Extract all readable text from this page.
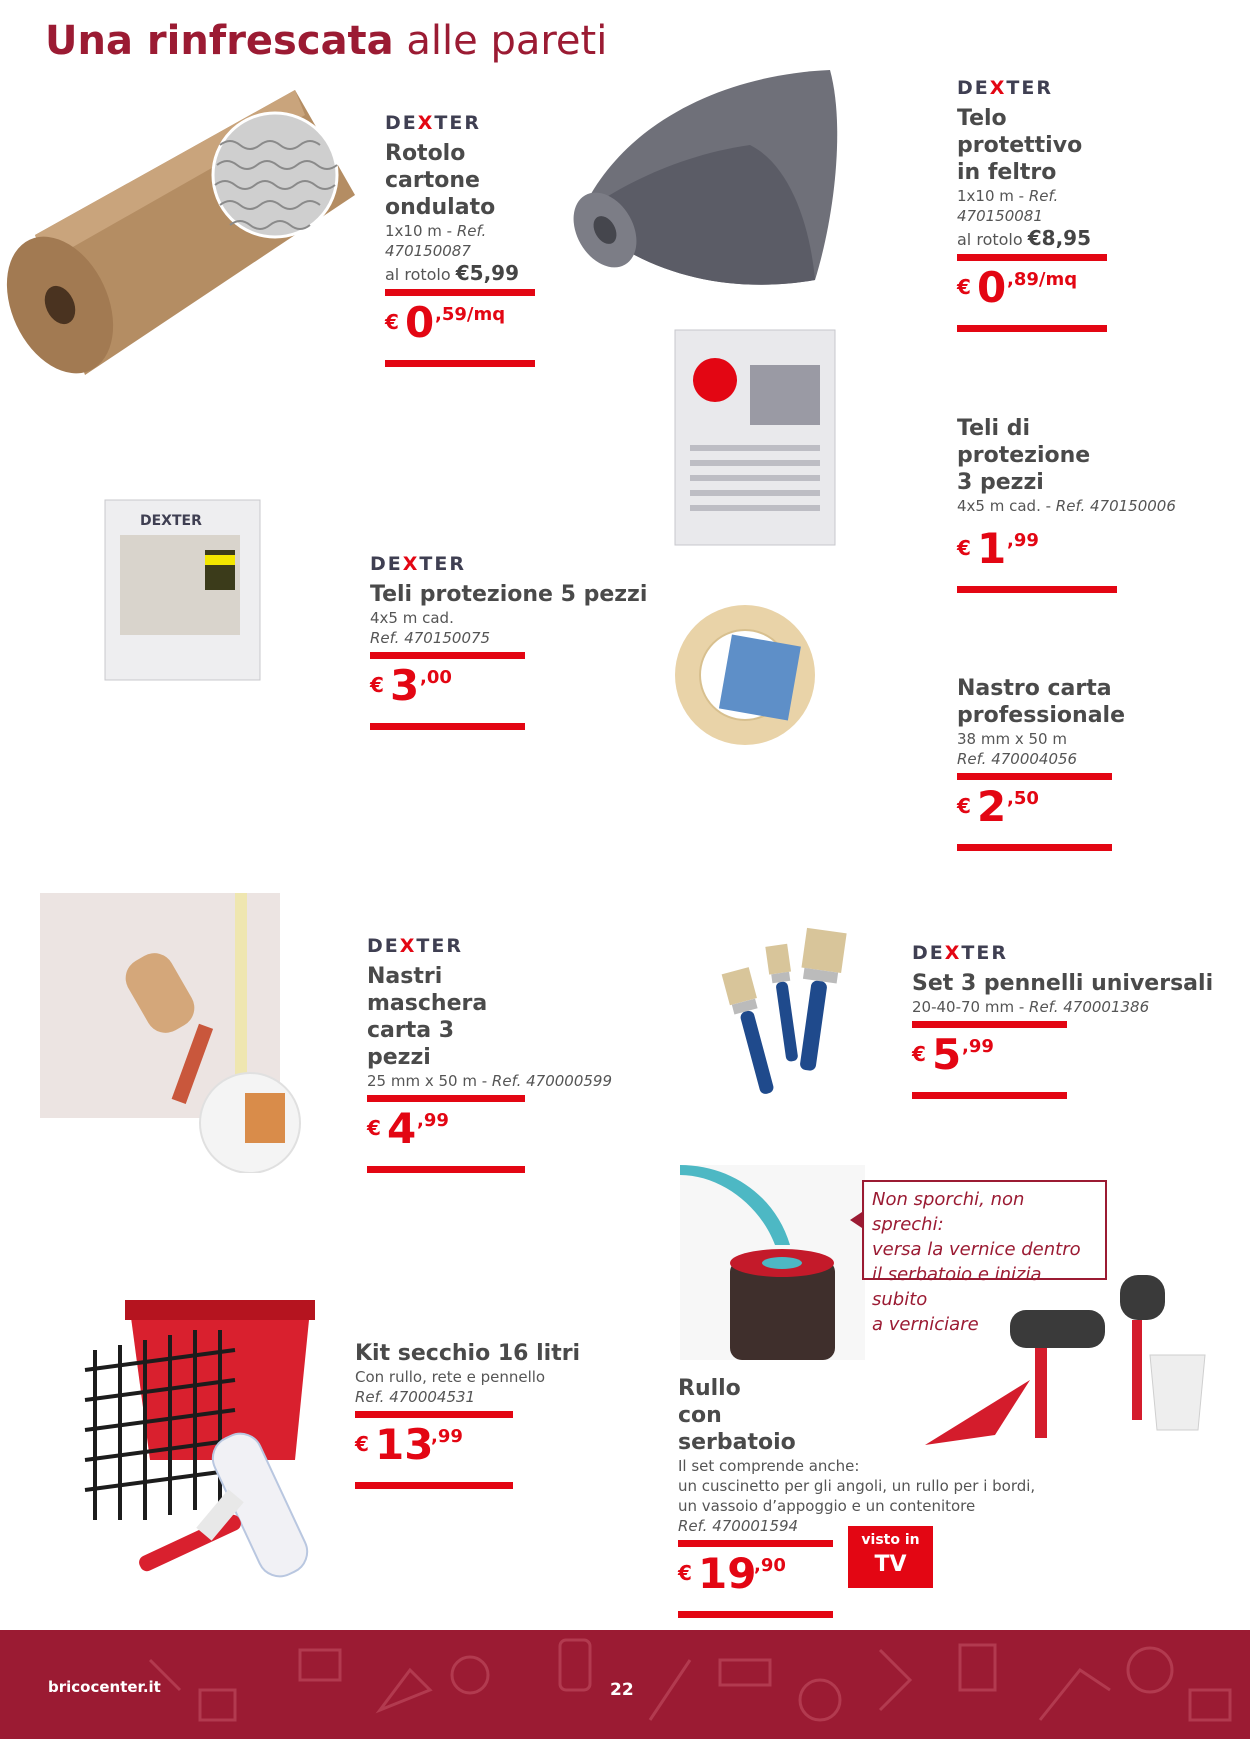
Una rinfrescata alle pareti
DEXTER
DEXTER
Rotolo cartone
ondulato
1x10 m - Ref. 470150087
al rotolo €5,99
€ 0 ,59/mq
DEXTER
Telo protettivo
in feltro
1x10 m - Ref. 470150081
al rotolo €8,95
€ 0 ,89/mq
Teli di protezione
3 pezzi
4x5 m cad. - Ref. 470150006
€ 1 ,99
DEXTER
Teli protezione 5 pezzi
4x5 m cad.
Ref. 470150075
€ 3 ,00	Nastro carta
professionale
38 mm x 50 m
Ref. 470004056
€ 2 ,50
DEXTER
Nastri maschera
carta 3 pezzi
25 mm x 50 m - Ref. 470000599
€ 4 ,99
DEXTER
Set 3 pennelli universali
20-40-70 mm - Ref. 470001386
€ 5 ,99
Kit secchio 16 litri
Con rullo, rete e pennello
Ref. 470004531
€ 13
,99
Rullo
con serbatoio
Il set comprende anche:
un cuscinetto per gli angoli, un rullo per i bordi,
un vassoio d’appoggio e un contenitore
Ref. 470001594
€ 19
,90
Non sporchi, non sprechi:
versa la vernice dentro
il serbatoio e inizia subito
a verniciare
visto in
TV
bricocenter.it	22
